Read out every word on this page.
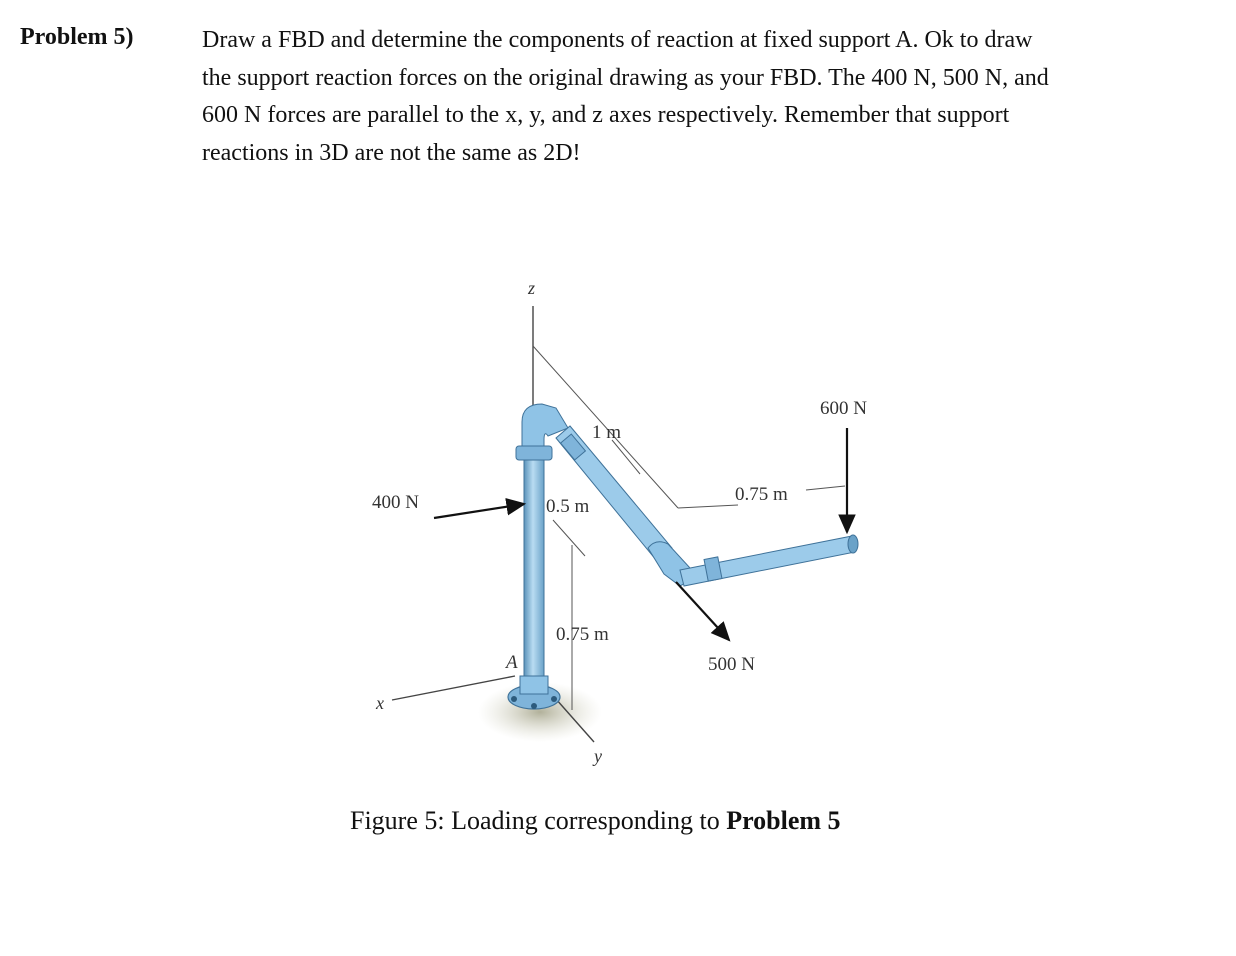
Problem 5)	Draw a FBD and determine the components of reaction at fixed support A. Ok to draw
the support reaction forces on the original drawing as your FBD. The 400 N, 500 N, and
600 N forces are parallel to the x, y, and z axes respectively. Remember that support
reactions in 3D are not the same as 2D!
z
x
y
400 N
500 N
600 N
1 m
0.5 m
0.75 m
0.75 m
A
Figure 5: Loading corresponding to Problem 5
